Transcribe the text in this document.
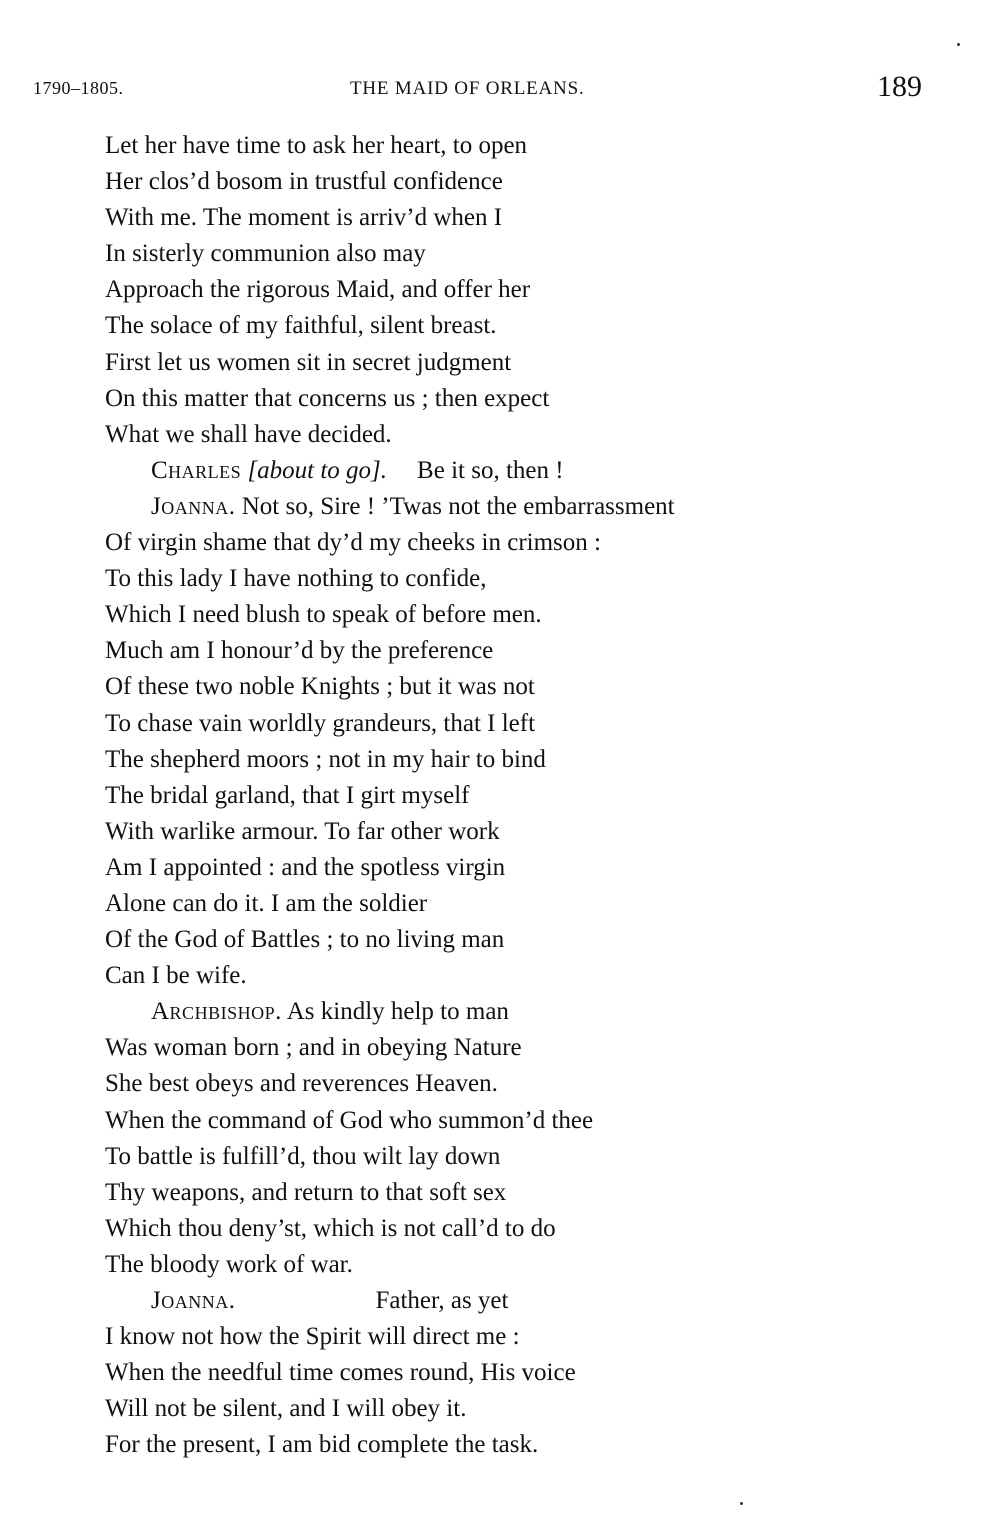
1790–1805.	THE MAID OF ORLEANS.	189
Let her have time to ask her heart, to open
Her clos’d bosom in trustful confidence
With me. The moment is arriv’d when I
In sisterly communion also may
Approach the rigorous Maid, and offer her
The solace of my faithful, silent breast.
First let us women sit in secret judgment
On this matter that concerns us ; then expect
What we shall have decided.
Charles [about to go]. Be it so, then !
Joanna. Not so, Sire ! ’Twas not the embarrassment
Of virgin shame that dy’d my cheeks in crimson :
To this lady I have nothing to confide,
Which I need blush to speak of before men.
Much am I honour’d by the preference
Of these two noble Knights ; but it was not
To chase vain worldly grandeurs, that I left
The shepherd moors ; not in my hair to bind
The bridal garland, that I girt myself
With warlike armour. To far other work
Am I appointed : and the spotless virgin
Alone can do it. I am the soldier
Of the God of Battles ; to no living man
Can I be wife.
Archbishop. As kindly help to man
Was woman born ; and in obeying Nature
She best obeys and reverences Heaven.
When the command of God who summon’d thee
To battle is fulfill’d, thou wilt lay down
Thy weapons, and return to that soft sex
Which thou deny’st, which is not call’d to do
The bloody work of war.
Joanna.	Father, as yet
I know not how the Spirit will direct me :
When the needful time comes round, His voice
Will not be silent, and I will obey it.
For the present, I am bid complete the task.
